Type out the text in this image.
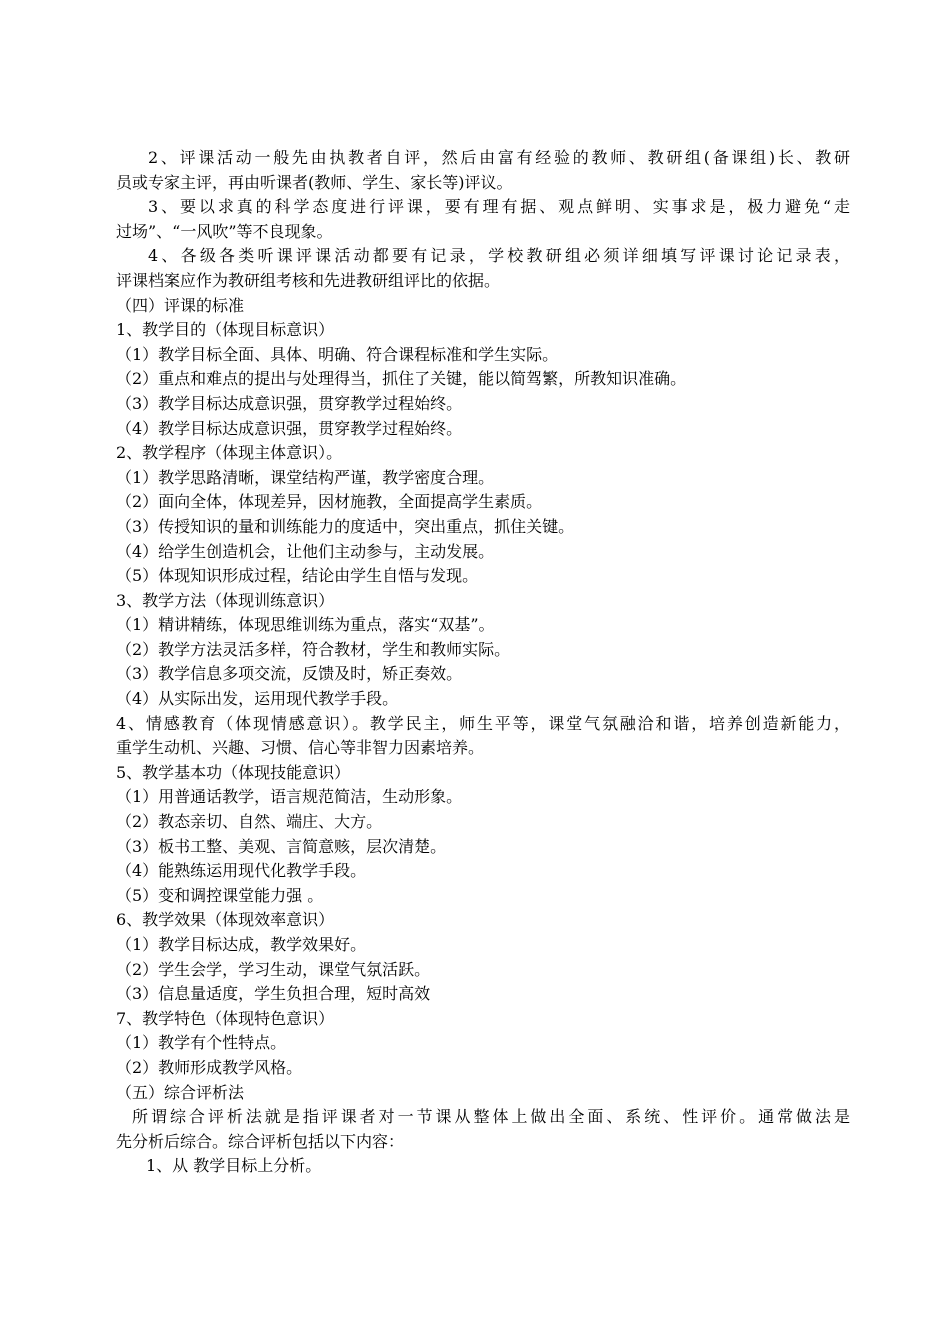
2、评课活动一般先由执教者自评，然后由富有经验的教师、教研组(备课组)长、教研
员或专家主评，再由听课者(教师、学生、家长等)评议。
3、要以求真的科学态度进行评课，要有理有据、观点鲜明、实事求是，极力避免“走
过场”、“一风吹”等不良现象。
4、各级各类听课评课活动都要有记录，学校教研组必须详细填写评课讨论记录表，
评课档案应作为教研组考核和先进教研组评比的依据。
（四）评课的标准
1、教学目的（体现目标意识）
（1）教学目标全面、具体、明确、符合课程标准和学生实际。
（2）重点和难点的提出与处理得当，抓住了关键，能以简驾繁，所教知识准确。
（3）教学目标达成意识强，贯穿教学过程始终。
（4）教学目标达成意识强，贯穿教学过程始终。
2、教学程序（体现主体意识）。
（1）教学思路清晰，课堂结构严谨，教学密度合理。
（2）面向全体，体现差异，因材施教，全面提高学生素质。
（3）传授知识的量和训练能力的度适中，突出重点，抓住关键。
（4）给学生创造机会，让他们主动参与，主动发展。
（5）体现知识形成过程，结论由学生自悟与发现。
3、教学方法（体现训练意识）
（1）精讲精练，体现思维训练为重点，落实“双基”。
（2）教学方法灵活多样，符合教材，学生和教师实际。
（3）教学信息多项交流，反馈及时，矫正奏效。
（4）从实际出发，运用现代教学手段。
4、情感教育（体现情感意识）。教学民主，师生平等，课堂气氛融洽和谐，培养创造新能力，
重学生动机、兴趣、习惯、信心等非智力因素培养。
5、教学基本功（体现技能意识）
（1）用普通话教学，语言规范简洁，生动形象。
（2）教态亲切、自然、端庄、大方。
（3）板书工整、美观、言简意赅，层次清楚。
（4）能熟练运用现代化教学手段。
（5）变和调控课堂能力强 。
6、教学效果（体现效率意识）
（1）教学目标达成，教学效果好。
（2）学生会学，学习生动，课堂气氛活跃。
（3）信息量适度，学生负担合理，短时高效
7、教学特色（体现特色意识）
（1）教学有个性特点。
（2）教师形成教学风格。
（五）综合评析法
所谓综合评析法就是指评课者对一节课从整体上做出全面、系统、性评价。通常做法是
先分析后综合。综合评析包括以下内容：
1、从 教学目标上分析。
